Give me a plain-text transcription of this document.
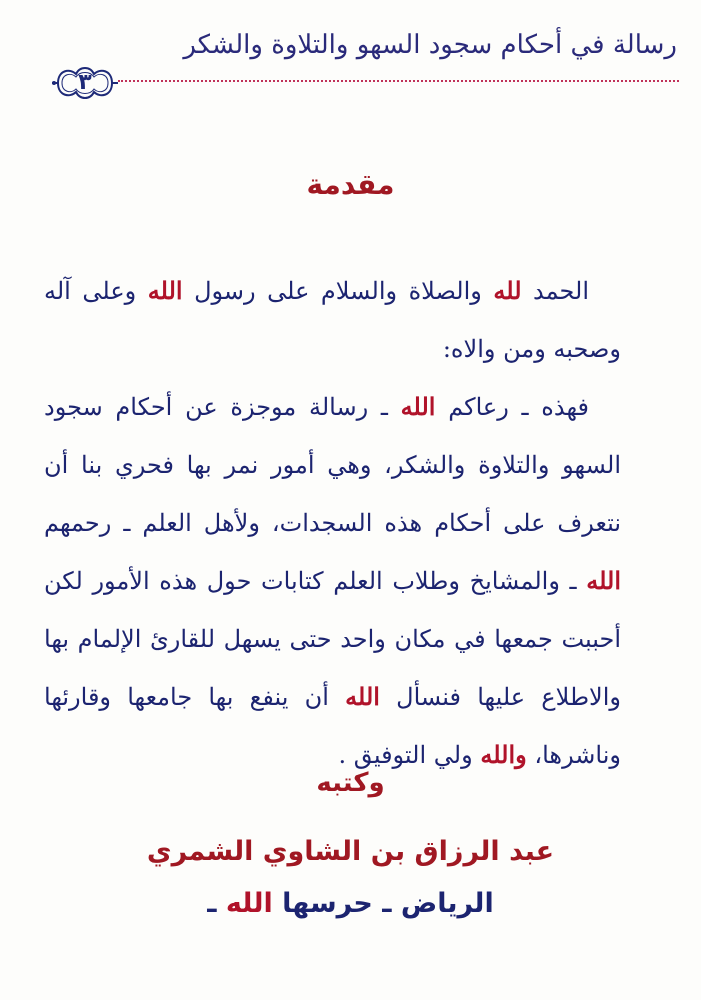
رسالة في أحكام سجود السهو والتلاوة والشكر
٣
مقدمة

الحمد لله والصلاة والسلام على رسول الله وعلى آله وصحبه ومن والاه:

فهذه ـ رعاكم الله ـ رسالة موجزة عن أحكام سجود السهو والتلاوة والشكر، وهي أمور نمر بها فحري بنا أن نتعرف على أحكام هذه السجدات، ولأهل العلم ـ رحمهم الله ـ والمشايخ وطلاب العلم كتابات حول هذه الأمور لكن أحببت جمعها في مكان واحد حتى يسهل للقارئ الإلمام بها والاطلاع عليها فنسأل الله أن ينفع بها جامعها وقارئها وناشرها، والله ولي التوفيق .

وكتبه
عبد الرزاق بن الشاوي الشمري
الرياض ـ حرسها الله ـ
